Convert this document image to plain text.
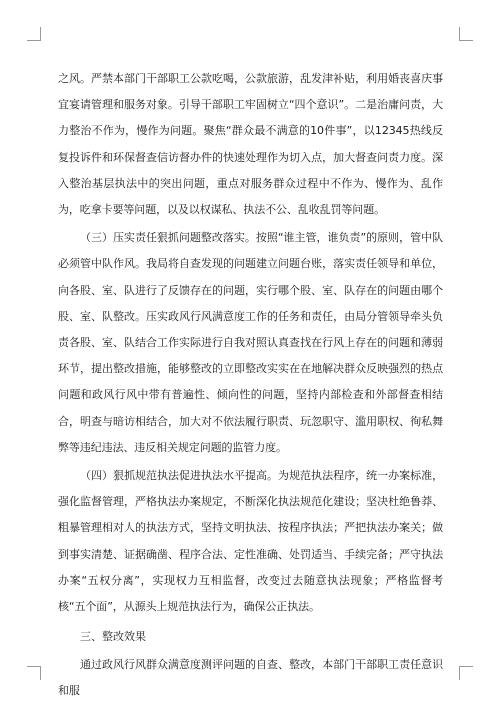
之风。严禁本部门干部职工公款吃喝，公款旅游，乱发津补贴，利用婚丧喜庆事宜宴请管理和服务对象。引导干部职工牢固树立“四个意识”。二是治庸问责，大力整治不作为，慢作为问题。聚焦“群众最不满意的10件事”，以12345热线反复投诉件和环保督查信访督办件的快速处理作为切入点，加大督查问责力度。深入整治基层执法中的突出问题，重点对服务群众过程中不作为、慢作为、乱作为，吃拿卡要等问题，以及以权谋私、执法不公、乱收乱罚等问题。

（三）压实责任狠抓问题整改落实。按照“谁主管，谁负责”的原则，管中队必须管中队作风。我局将自查发现的问题建立问题台账，落实责任领导和单位，向各股、室、队进行了反馈存在的问题，实行哪个股、室、队存在的问题由哪个股、室、队整改。压实政风行风满意度工作的任务和责任，由局分管领导牵头负责各股、室、队结合工作实际进行自我对照认真查找在行风上存在的问题和薄弱环节，提出整改措施，能够整改的立即整改实实在在地解决群众反映强烈的热点问题和政风行风中带有普遍性、倾向性的问题，坚持内部检查和外部督查相结合，明查与暗访相结合，加大对不依法履行职责、玩忽职守、滥用职权、徇私舞弊等违纪违法、违反相关规定问题的监管力度。

（四）狠抓规范执法促进执法水平提高。为规范执法程序，统一办案标准，强化监督管理，严格执法办案规定，不断深化执法规范化建设；坚决杜绝鲁莽、粗暴管理相对人的执法方式，坚持文明执法、按程序执法；严把执法办案关；做到事实清楚、证据确凿、程序合法、定性准确、处罚适当、手续完备；严守执法办案“五权分离”，实现权力互相监督，改变过去随意执法现象；严格监督考核“五个面”，从源头上规范执法行为，确保公正执法。

三、整改效果

通过政风行风群众满意度测评问题的自查、整改，本部门干部职工责任意识和服
